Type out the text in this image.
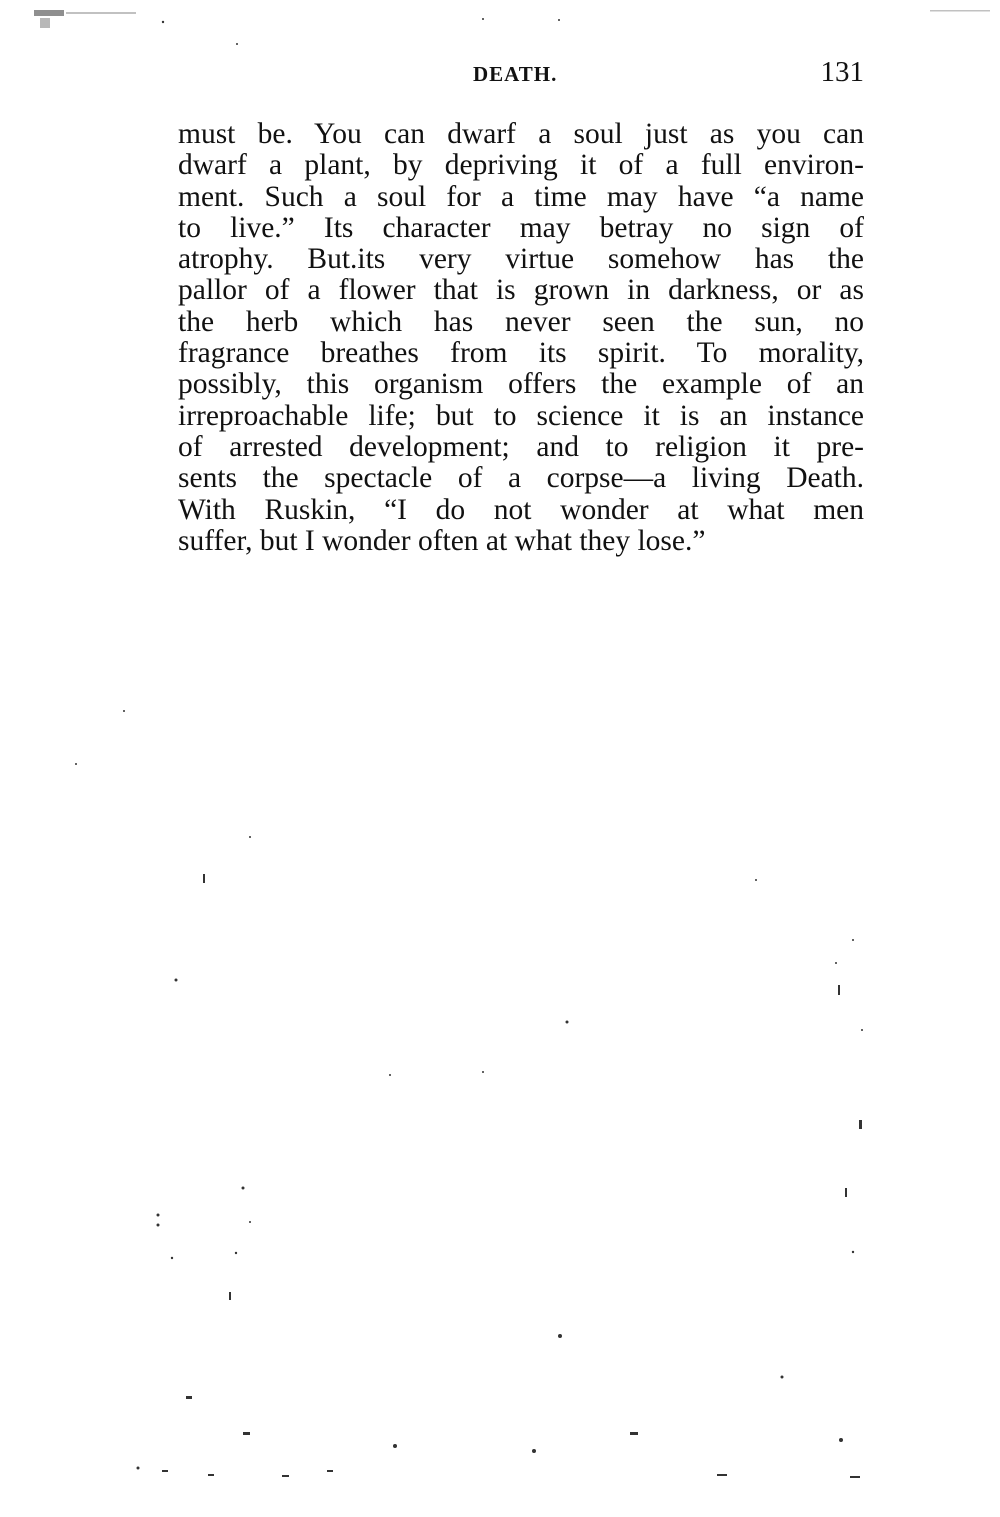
DEATH.	131
must be. You can dwarf a soul just as you can
dwarf a plant, by depriving it of a full environ-
ment. Such a soul for a time may have “a name
to live.” Its character may betray no sign of
atrophy. But.its very virtue somehow has the
pallor of a flower that is grown in darkness, or as
the herb which has never seen the sun, no
fragrance breathes from its spirit. To morality,
possibly, this organism offers the example of an
irreproachable life; but to science it is an instance
of arrested development; and to religion it pre-
sents the spectacle of a corpse—a living Death.
With Ruskin, “I do not wonder at what men
suffer, but I wonder often at what they lose.”
